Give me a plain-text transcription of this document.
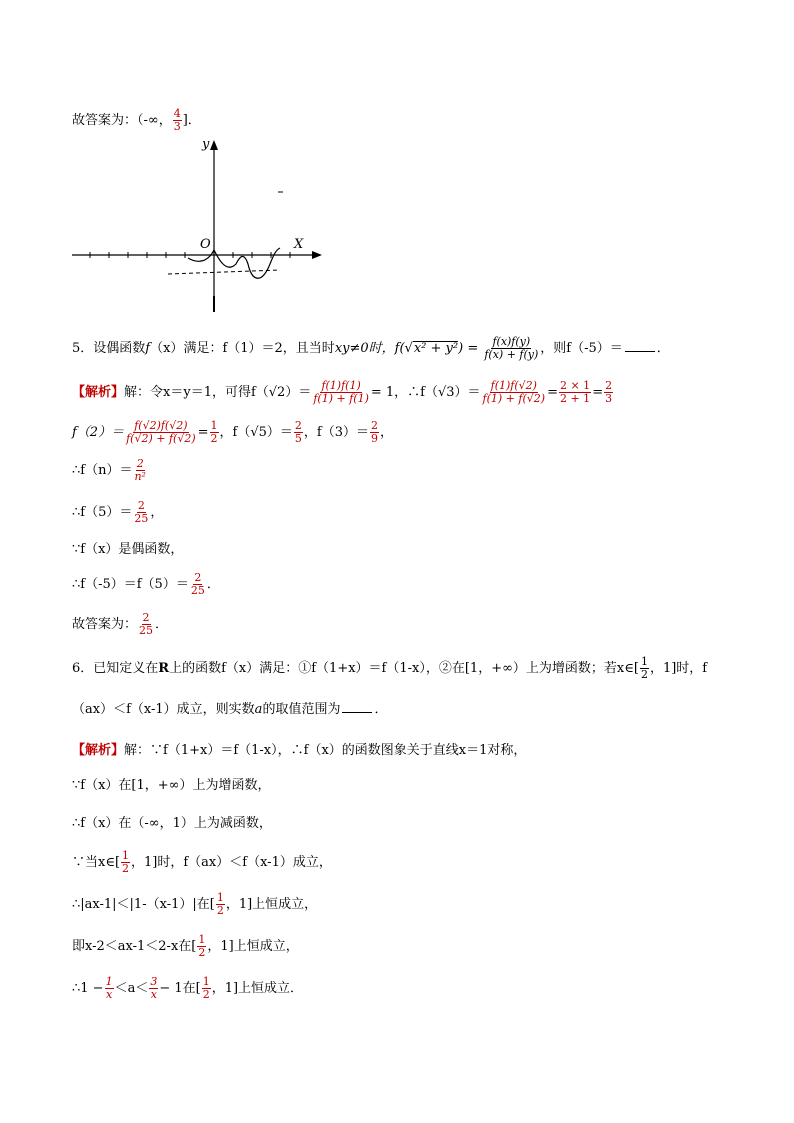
故答案为：（-∞， $\frac{4}{3}$ ]．
y
X
O
5．设偶函数f（x）满足：f（1）＝2，且当时xy≠0时，$f(√x^2 + y^2) = \frac{f(x)f(y)}{f(x) + f(y)}$ ，则f（-5）＝	．
【解析】解：令x＝y＝1，可得$f(√2)= \frac{f(1)f(1)}{f(1) + f(1)} = 1$，∴f（√3）＝ $\frac{f(1)f(√2)}{f(1) + f(√2)} = \frac{2 \times 1}{2 + 1} = \frac{2}{3}$
$f(2)= \frac{f(√2)f(√2)}{f(√2) + f(√2)} = \frac{1}{2}$ ，$f(√5)= \frac{2}{5}$ ，$f(3)= \frac{2}{9}$ ，
∴f（n）＝ $\frac{2}{\text{n²}}$
∴f（5）＝ $\frac{2}{25}$ ，
∵f（x）是偶函数，
∴f（-5）＝f（5）＝ $\frac{2}{25}$ ．
故答案为： $\frac{2}{25}$ ．
6．已知定义在R上的函数f（x）满足：①f（1+x）＝f（1-x），②在[1，+∞）上为增函数；若x∈[ $\frac{1}{2}$ ，1]时，f
（ax）＜f（x-1）成立，则实数a的取值范围为	．
【解析】解：∵f（1+x）＝f（1-x），∴f（x）的函数图象关于直线x＝1对称，
∵f（x）在[1，+∞）上为增函数，
∴f（x）在（-∞，1）上为减函数，
∵当x∈[ $\frac{1}{2}$ ，1]时，f（ax）＜f（x-1）成立，
∴|ax-1|＜|1-（x-1）|在[ $\frac{1}{2}$ ，1]上恒成立，
即x-2＜ax-1＜2-x在[ $\frac{1}{2}$ ，1]上恒成立，
∴1 − $\frac{1}{x} <a< \frac{3}{x} - 1$在[ $\frac{1}{2}$ ，1]上恒成立．
